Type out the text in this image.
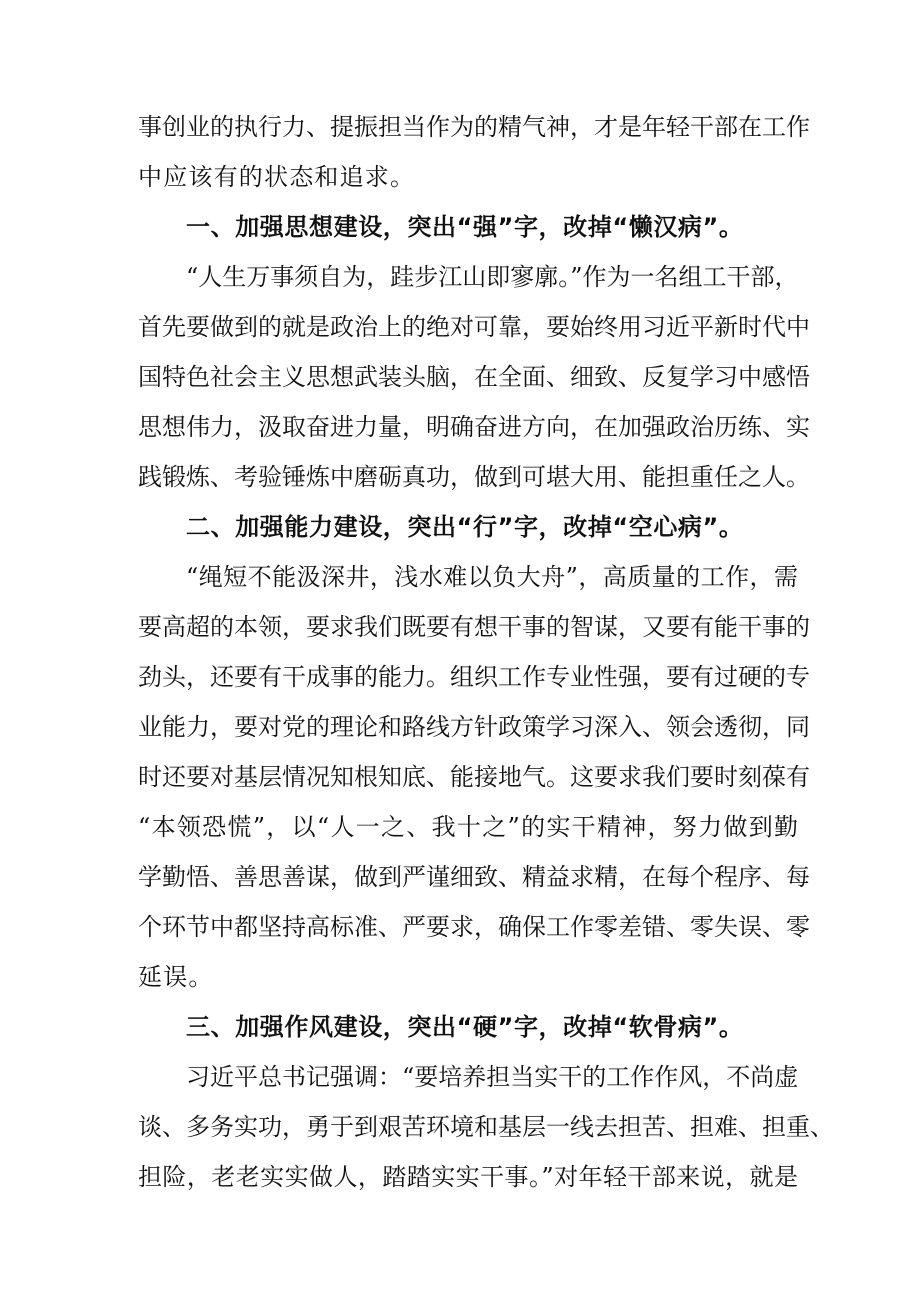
事创业的执行力、提振担当作为的精气神，才是年轻干部在工作
中应该有的状态和追求。
一、加强思想建设，突出“强”字，改掉“懒汉病”。
“人生万事须自为，跬步江山即寥廓。”作为一名组工干部，
首先要做到的就是政治上的绝对可靠，要始终用习近平新时代中
国特色社会主义思想武装头脑，在全面、细致、反复学习中感悟
思想伟力，汲取奋进力量，明确奋进方向，在加强政治历练、实
践锻炼、考验锤炼中磨砺真功，做到可堪大用、能担重任之人。
二、加强能力建设，突出“行”字，改掉“空心病”。
“绳短不能汲深井，浅水难以负大舟”，高质量的工作，需
要高超的本领，要求我们既要有想干事的智谋，又要有能干事的
劲头，还要有干成事的能力。组织工作专业性强，要有过硬的专
业能力，要对党的理论和路线方针政策学习深入、领会透彻，同
时还要对基层情况知根知底、能接地气。这要求我们要时刻葆有
“本领恐慌”，以“人一之、我十之”的实干精神，努力做到勤
学勤悟、善思善谋，做到严谨细致、精益求精，在每个程序、每
个环节中都坚持高标准、严要求，确保工作零差错、零失误、零
延误。
三、加强作风建设，突出“硬”字，改掉“软骨病”。
习近平总书记强调：“要培养担当实干的工作作风，不尚虚
谈、多务实功，勇于到艰苦环境和基层一线去担苦、担难、担重、
担险，老老实实做人，踏踏实实干事。”对年轻干部来说，就是
